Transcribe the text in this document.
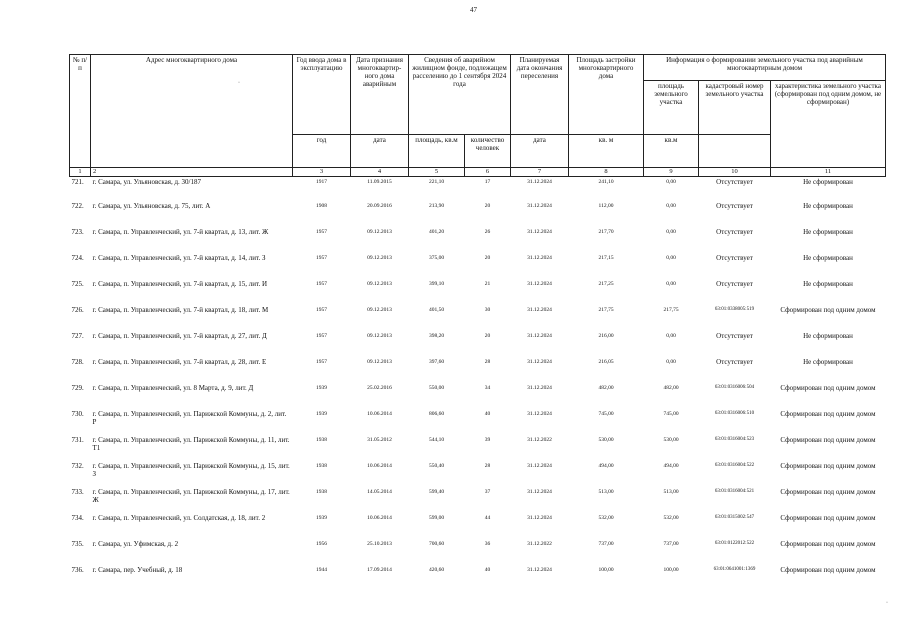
47
№ п/п	Адрес многоквартирного дома	Год ввода дома в эксплуатацию	Дата признания многоквартир-ного дома аварийным	Сведения об аварийном жилищном фонде, подлежащем расселению до 1 сентября 2024 года		Планируемая дата окончания переселения	Площадь застройки многоквартирного дома	Информация о формировании земельного участка под аварийным многоквартирным домом		
								площадь земельного участка	кадастровый номер земельного участка	характеристика земельного участка (сформирован под одним домом, не сформирован)
		год	дата	площадь, кв.м	количество человек	дата	кв. м	кв.м		
1	2	3	4	5	6	7	8	9	10	11
721.	г. Самара, ул. Ульяновская, д. 30/187	1917	11.09.2015	221,10	17	31.12.2024	241,10	0,00	Отсутствует	Не сформирован
722.	г. Самара, ул. Ульяновская, д. 75, лит. А	1908	20.09.2016	213,90	20	31.12.2024	112,00	0,00	Отсутствует	Не сформирован
723.	г. Самара, п. Управленческий, ул. 7-й квартал, д. 13, лит. Ж	1957	09.12.2013	401,20	26	31.12.2024	217,70	0,00	Отсутствует	Не сформирован
724.	г. Самара, п. Управленческий, ул. 7-й квартал, д. 14, лит. З	1957	09.12.2013	375,00	20	31.12.2024	217,15	0,00	Отсутствует	Не сформирован
725.	г. Самара, п. Управленческий, ул. 7-й квартал, д. 15, лит. И	1957	09.12.2013	399,10	21	31.12.2024	217,25	0,00	Отсутствует	Не сформирован
726.	г. Самара, п. Управленческий, ул. 7-й квартал, д. 18, лит. М	1957	09.12.2013	401,50	30	31.12.2024	217,75	217,75	63:01:0338005:519	Сформирован под одним домом
727.	г. Самара, п. Управленческий, ул. 7-й квартал, д. 27, лит. Д	1957	09.12.2013	398,20	20	31.12.2024	216,00	0,00	Отсутствует	Не сформирован
728.	г. Самара, п. Управленческий, ул. 7-й квартал, д. 28, лит. Е	1957	09.12.2013	397,60	28	31.12.2024	216,05	0,00	Отсутствует	Не сформирован
729.	г. Самара, п. Управленческий, ул. 8 Марта, д. 9, лит. Д	1939	25.02.2016	550,00	34	31.12.2024	482,00	482,00	63:01:0316006:504	Сформирован под одним домом
730.	г. Самара, п. Управленческий, ул. Парижской Коммуны, д. 2, лит. Р	1939	10.06.2014	806,60	40	31.12.2024	745,00	745,00	63:01:0316006:510	Сформирован под одним домом
731.	г. Самара, п. Управленческий, ул. Парижской Коммуны, д. 11, лит. Т1	1938	31.05.2012	544,10	39	31.12.2022	530,00	530,00	63:01:0316004:523	Сформирован под одним домом
732.	г. Самара, п. Управленческий, ул. Парижской Коммуны, д. 15, лит. З	1938	10.06.2014	550,40	28	31.12.2024	494,00	494,00	63:01:0316004:522	Сформирован под одним домом
733.	г. Самара, п. Управленческий, ул. Парижской Коммуны, д. 17, лит. Ж	1938	14.05.2014	599,40	37	31.12.2024	513,00	513,00	63:01:0316004:521	Сформирован под одним домом
734.	г. Самара, п. Управленческий, ул. Солдатская, д. 18, лит. 2	1939	10.06.2014	599,00	44	31.12.2024	532,00	532,00	63:01:0315002:547	Сформирован под одним домом
735.	г. Самара, ул. Уфимская, д. 2	1956	25.10.2013	700,60	36	31.12.2022	737,00	737,00	63:01:0122012:522	Сформирован под одним домом
736.	г. Самара, пер. Учебный, д. 18	1944	17.09.2014	420,60	40	31.12.2024	100,00	100,00	63:01:0641001:1369	Сформирован под одним домом
·
·
